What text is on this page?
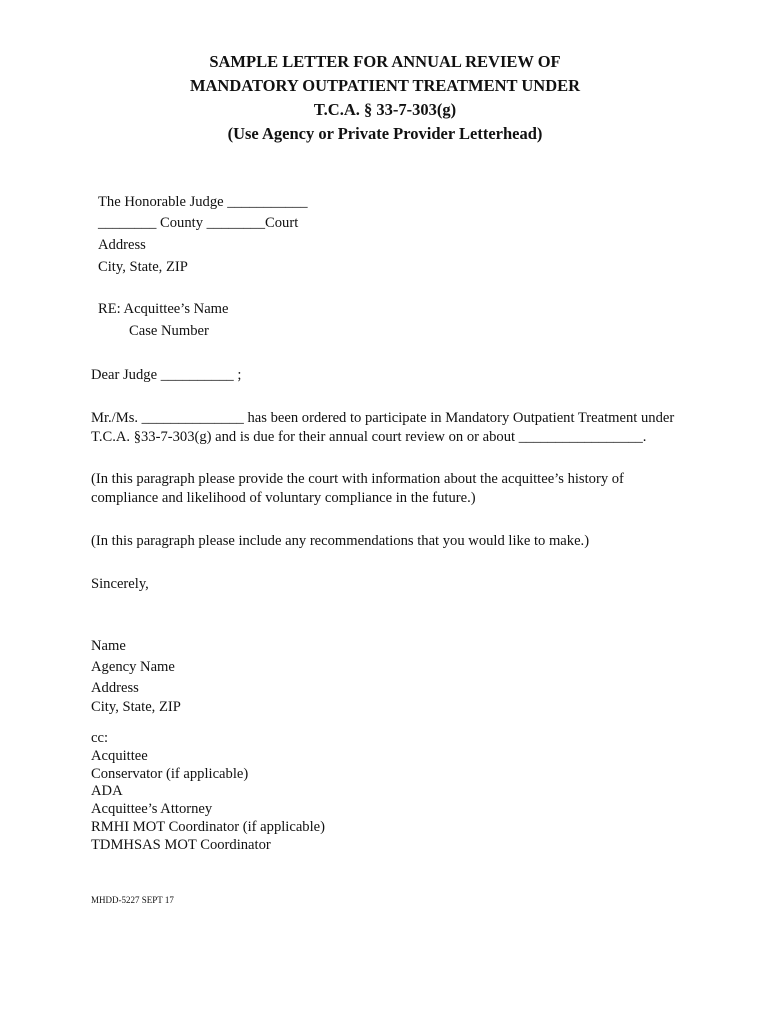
SAMPLE LETTER FOR ANNUAL REVIEW OF
MANDATORY OUTPATIENT TREATMENT UNDER
T.C.A. § 33-7-303(g)
(Use Agency or Private Provider Letterhead)
The Honorable Judge ___________
________ County ________Court
Address
City, State, ZIP
RE: Acquittee’s Name
Case Number
Dear Judge __________ ;
Mr./Ms. ______________ has been ordered to participate in Mandatory Outpatient Treatment under
T.C.A. §33-7-303(g) and is due for their annual court review on or about _________________.
(In this paragraph please provide the court with information about the acquittee’s history of
compliance and likelihood of voluntary compliance in the future.)
(In this paragraph please include any recommendations that you would like to make.)
Sincerely,
Name
Agency Name
Address
City, State, ZIP
cc:
Acquittee
Conservator (if applicable)
ADA
Acquittee’s Attorney
RMHI MOT Coordinator (if applicable)
TDMHSAS MOT Coordinator
MHDD-5227 SEPT 17
